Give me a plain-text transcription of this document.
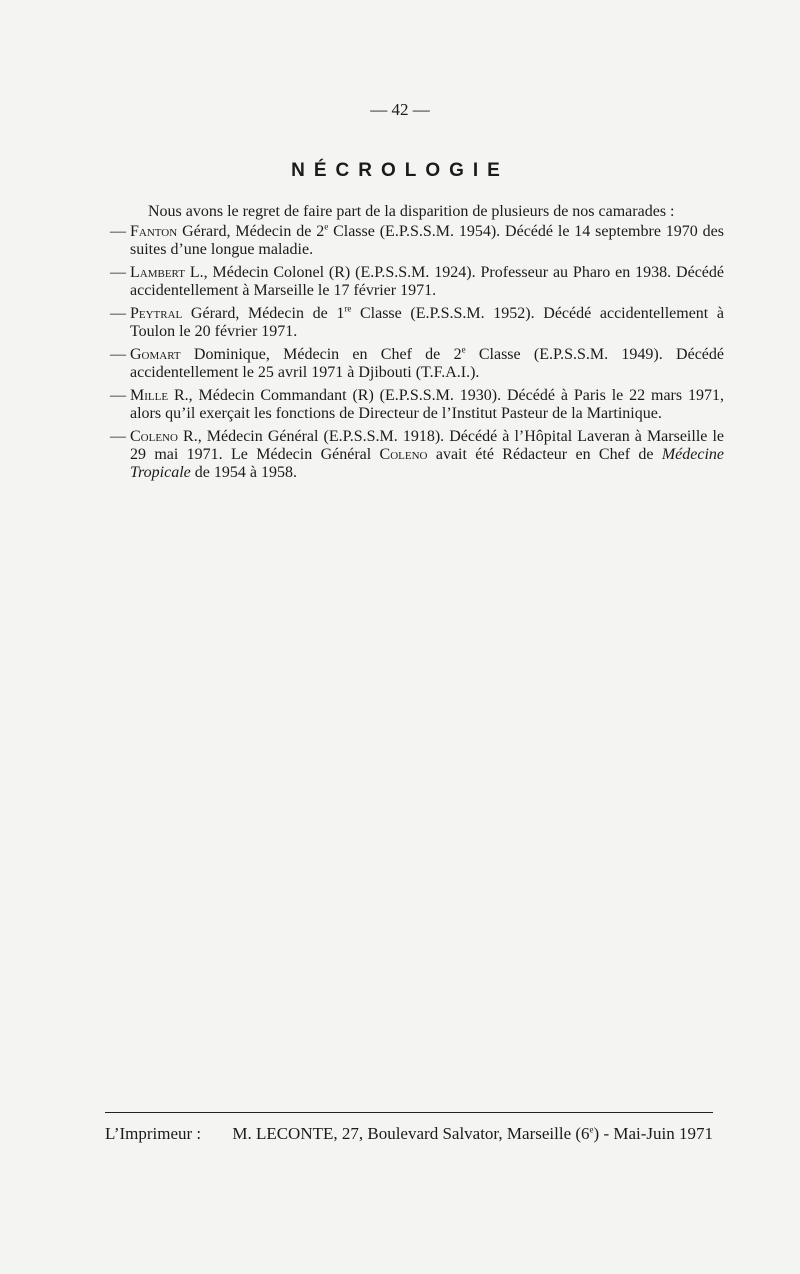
— 42 —
NÉCROLOGIE

Nous avons le regret de faire part de la disparition de plusieurs de nos camarades :

— Fanton Gérard, Médecin de 2e Classe (E.P.S.S.M. 1954). Décédé le 14 septembre 1970 des suites d’une longue maladie.

— Lambert L., Médecin Colonel (R) (E.P.S.S.M. 1924). Professeur au Pharo en 1938. Décédé accidentellement à Marseille le 17 février 1971.

— Peytral Gérard, Médecin de 1re Classe (E.P.S.S.M. 1952). Décédé accidentellement à Toulon le 20 février 1971.

— Gomart Dominique, Médecin en Chef de 2e Classe (E.P.S.S.M. 1949). Décédé accidentellement le 25 avril 1971 à Djibouti (T.F.A.I.).

— Mille R., Médecin Commandant (R) (E.P.S.S.M. 1930). Décédé à Paris le 22 mars 1971, alors qu’il exerçait les fonctions de Directeur de l’Institut Pasteur de la Martinique.

— Coleno R., Médecin Général (E.P.S.S.M. 1918). Décédé à l’Hôpital Laveran à Marseille le 29 mai 1971. Le Médecin Général Coleno avait été Rédacteur en Chef de Médecine Tropicale de 1954 à 1958.

L’Imprimeur : M. LECONTE, 27, Boulevard Salvator, Marseille (6e) - Mai-Juin 1971
